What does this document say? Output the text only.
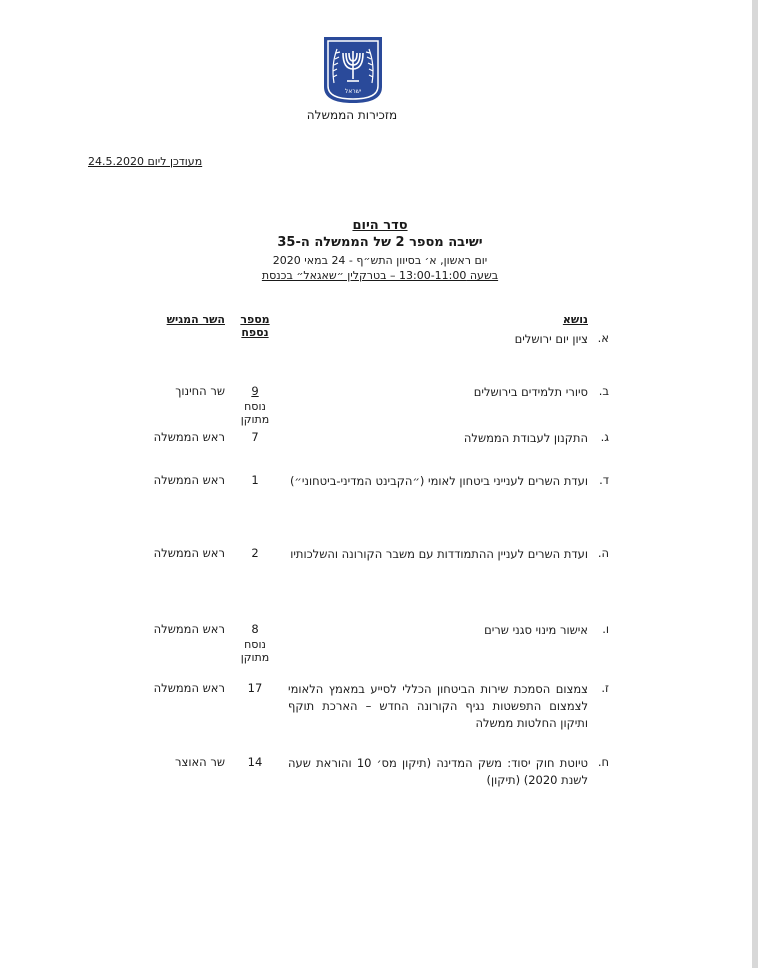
ישראל
מזכירות הממשלה
מעודכן ליום 24.5.2020
סדר היום
ישיבה מספר 2 של הממשלה ה-35
יום ראשון, א׳ בסיוון התש״ף - 24 במאי 2020
בשעה 13:00-11:00 – בטרקלין ״שאגאל״ בכנסת
נושא
מספר נספח
השר המגיש
א.
ציון יום ירושלים
ב.
סיורי תלמידים בירושלים
9
נוסח מתוקן
שר החינוך
ג.
התקנון לעבודת הממשלה
7
ראש הממשלה
ד.
ועדת השרים לענייני ביטחון לאומי (״הקבינט המדיני-ביטחוני״)
1
ראש הממשלה
ה.
ועדת השרים לעניין ההתמודדות עם משבר הקורונה והשלכותיו
2
ראש הממשלה
ו.
אישור מינוי סגני שרים
8
נוסח מתוקן
ראש הממשלה
ז.
צמצום הסמכת שירות הביטחון הכללי לסייע במאמץ הלאומי לצמצום התפשטות נגיף הקורונה החדש – הארכת תוקף ותיקון החלטות ממשלה
17
ראש הממשלה
ח.
טיוטת חוק יסוד: משק המדינה (תיקון מס׳ 10 והוראת שעה לשנת 2020) (תיקון)
14
שר האוצר
